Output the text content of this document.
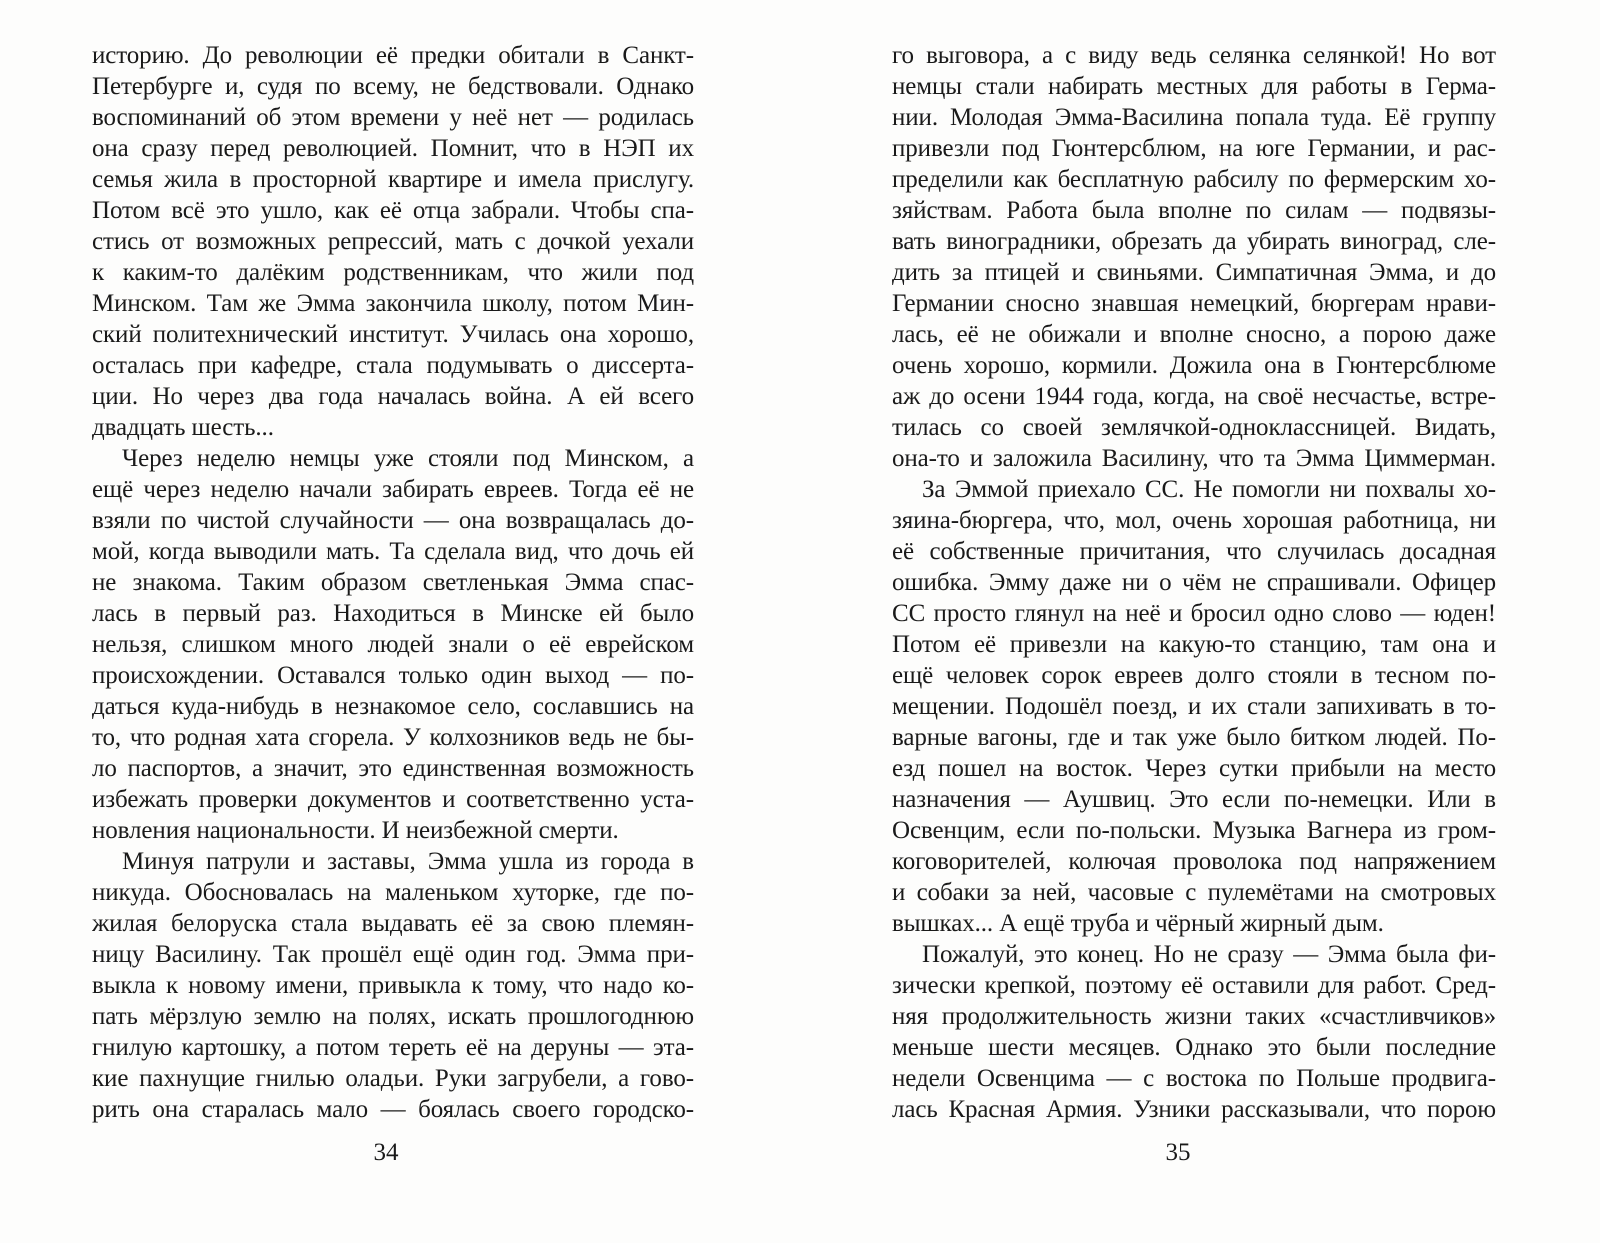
историю. До революции её предки обитали в Санкт-
Петербурге и, судя по всему, не бедствовали. Однако
воспоминаний об этом времени у неё нет — родилась
она сразу перед революцией. Помнит, что в НЭП их
семья жила в просторной квартире и имела прислугу.
Потом всё это ушло, как её отца забрали. Чтобы спа-
стись от возможных репрессий, мать с дочкой уехали
к каким-то далёким родственникам, что жили под
Минском. Там же Эмма закончила школу, потом Мин-
ский политехнический институт. Училась она хорошо,
осталась при кафедре, стала подумывать о диссерта-
ции. Но через два года началась война. А ей всего
двадцать шесть...
Через неделю немцы уже стояли под Минском, а
ещё через неделю начали забирать евреев. Тогда её не
взяли по чистой случайности — она возвращалась до-
мой, когда выводили мать. Та сделала вид, что дочь ей
не знакома. Таким образом светленькая Эмма спас-
лась в первый раз. Находиться в Минске ей было
нельзя, слишком много людей знали о её еврейском
происхождении. Оставался только один выход — по-
даться куда-нибудь в незнакомое село, сославшись на
то, что родная хата сгорела. У колхозников ведь не бы-
ло паспортов, а значит, это единственная возможность
избежать проверки документов и соответственно уста-
новления национальности. И неизбежной смерти.
Минуя патрули и заставы, Эмма ушла из города в
никуда. Обосновалась на маленьком хуторке, где по-
жилая белоруска стала выдавать её за свою племян-
ницу Василину. Так прошёл ещё один год. Эмма при-
выкла к новому имени, привыкла к тому, что надо ко-
пать мёрзлую землю на полях, искать прошлогоднюю
гнилую картошку, а потом тереть её на деруны — эта-
кие пахнущие гнилью оладьи. Руки загрубели, а гово-
рить она старалась мало — боялась своего городско-
34
го выговора, а с виду ведь селянка селянкой! Но вот
немцы стали набирать местных для работы в Герма-
нии. Молодая Эмма-Василина попала туда. Её группу
привезли под Гюнтерсблюм, на юге Германии, и рас-
пределили как бесплатную рабсилу по фермерским хо-
зяйствам. Работа была вполне по силам — подвязы-
вать виноградники, обрезать да убирать виноград, сле-
дить за птицей и свиньями. Симпатичная Эмма, и до
Германии сносно знавшая немецкий, бюргерам нрави-
лась, её не обижали и вполне сносно, а порою даже
очень хорошо, кормили. Дожила она в Гюнтерсблюме
аж до осени 1944 года, когда, на своё несчастье, встре-
тилась со своей землячкой-одноклассницей. Видать,
она-то и заложила Василину, что та Эмма Циммерман.
За Эммой приехало СС. Не помогли ни похвалы хо-
зяина-бюргера, что, мол, очень хорошая работница, ни
её собственные причитания, что случилась досадная
ошибка. Эмму даже ни о чём не спрашивали. Офицер
СС просто глянул на неё и бросил одно слово — юден!
Потом её привезли на какую-то станцию, там она и
ещё человек сорок евреев долго стояли в тесном по-
мещении. Подошёл поезд, и их стали запихивать в то-
варные вагоны, где и так уже было битком людей. По-
езд пошел на восток. Через сутки прибыли на место
назначения — Аушвиц. Это если по-немецки. Или в
Освенцим, если по-польски. Музыка Вагнера из гром-
коговорителей, колючая проволока под напряжением
и собаки за ней, часовые с пулемётами на смотровых
вышках... А ещё труба и чёрный жирный дым.
Пожалуй, это конец. Но не сразу — Эмма была фи-
зически крепкой, поэтому её оставили для работ. Сред-
няя продолжительность жизни таких «счастливчиков»
меньше шести месяцев. Однако это были последние
недели Освенцима — с востока по Польше продвига-
лась Красная Армия. Узники рассказывали, что порою
35
